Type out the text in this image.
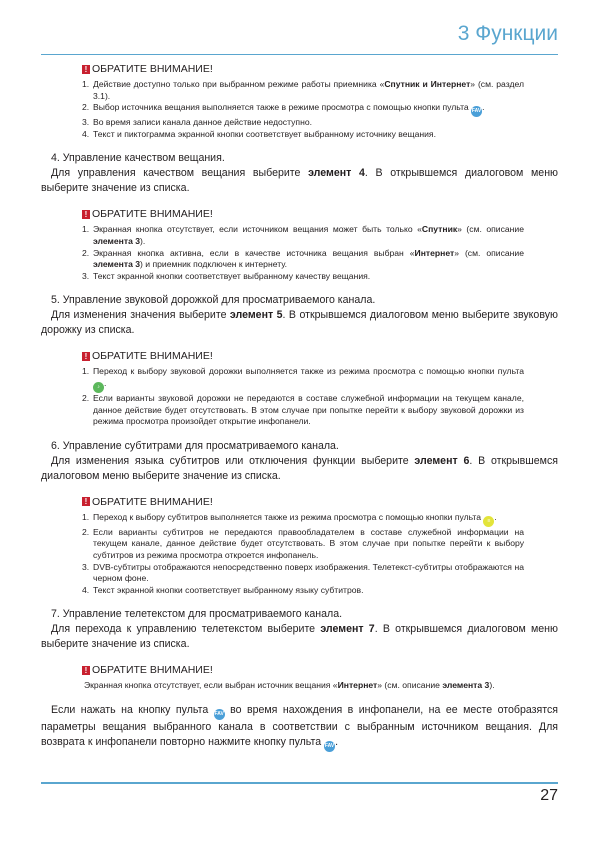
3 Функции
! ОБРАТИТЕ ВНИМАНИЕ!
1. Действие доступно только при выбранном режиме работы приемника «Спутник и Интернет» (см. раздел 3.1).
2. Выбор источника вещания выполняется также в режиме просмотра с помощью кнопки пульта FAV.
3. Во время записи канала данное действие недоступно.
4. Текст и пиктограмма экранной кнопки соответствует выбранному источнику вещания.
4. Управление качеством вещания.
Для управления качеством вещания выберите элемент 4. В открывшемся диалоговом меню выберите значение из списка.
! ОБРАТИТЕ ВНИМАНИЕ!
1. Экранная кнопка отсутствует, если источником вещания может быть только «Спутник» (см. описание элемента 3).
2. Экранная кнопка активна, если в качестве источника вещания выбран «Интернет» (см. описание элемента 3) и приемник подключен к интернету.
3. Текст экранной кнопки соответствует выбранному качеству вещания.
5. Управление звуковой дорожкой для просматриваемого канала.
Для изменения значения выберите элемент 5. В открывшемся диалоговом меню выберите звуковую дорожку из списка.
! ОБРАТИТЕ ВНИМАНИЕ!
1. Переход к выбору звуковой дорожки выполняется также из режима просмотра с помощью кнопки пульта ♪ .
2. Если варианты звуковой дорожки не передаются в составе служебной информации на текущем канале, данное действие будет отсутствовать. В этом случае при попытке перейти к выбору звуковой дорожки из режима просмотра произойдет открытие инфопанели.
6. Управление субтитрами для просматриваемого канала.
Для изменения языка субтитров или отключения функции выберите элемент 6. В открывшемся диалоговом меню выберите значение из списка.
! ОБРАТИТЕ ВНИМАНИЕ!
1. Переход к выбору субтитров выполняется также из режима просмотра с помощью кнопки пульта ≡ .
2. Если варианты субтитров не передаются правообладателем в составе служебной информации на текущем канале, данное действие будет отсутствовать. В этом случае при попытке перейти к выбору субтитров из режима просмотра откроется инфопанель.
3. DVB-субтитры отображаются непосредственно поверх изображения. Телетекст-субтитры отображаются на черном фоне.
4. Текст экранной кнопки соответствует выбранному языку субтитров.
7. Управление телетекстом для просматриваемого канала.
Для перехода к управлению телетекстом выберите элемент 7. В открывшемся диалоговом меню выберите значение из списка.
! ОБРАТИТЕ ВНИМАНИЕ!
Экранная кнопка отсутствует, если выбран источник вещания «Интернет» (см. описание элемента 3).
Если нажать на кнопку пульта FAV во время нахождения в инфопанели, на ее месте отобразятся параметры вещания выбранного канала в соответствии с выбранным источником вещания. Для возврата к инфопанели повторно нажмите кнопку пульта FAV.
27
